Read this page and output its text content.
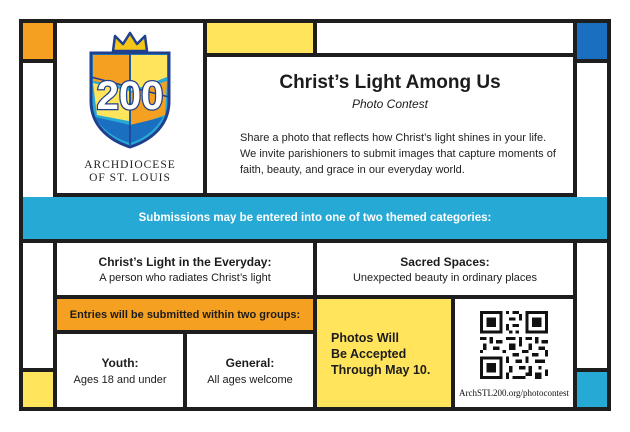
200
ARCHDIOCESE
OF ST. LOUIS
Christ’s Light Among Us
Photo Contest
Share a photo that reflects how Christ’s light shines in your life. We invite parishioners to submit images that capture moments of faith, beauty, and grace in our everyday world.
Submissions may be entered into one of two themed categories:
Christ’s Light in the Everyday:
A person who radiates Christ’s light
Sacred Spaces:
Unexpected beauty in ordinary places
Entries will be submitted within two groups:
Youth:
Ages 18 and under
General:
All ages welcome
Photos Will
Be Accepted
Through May 10.
ArchSTL200.org/photocontest
